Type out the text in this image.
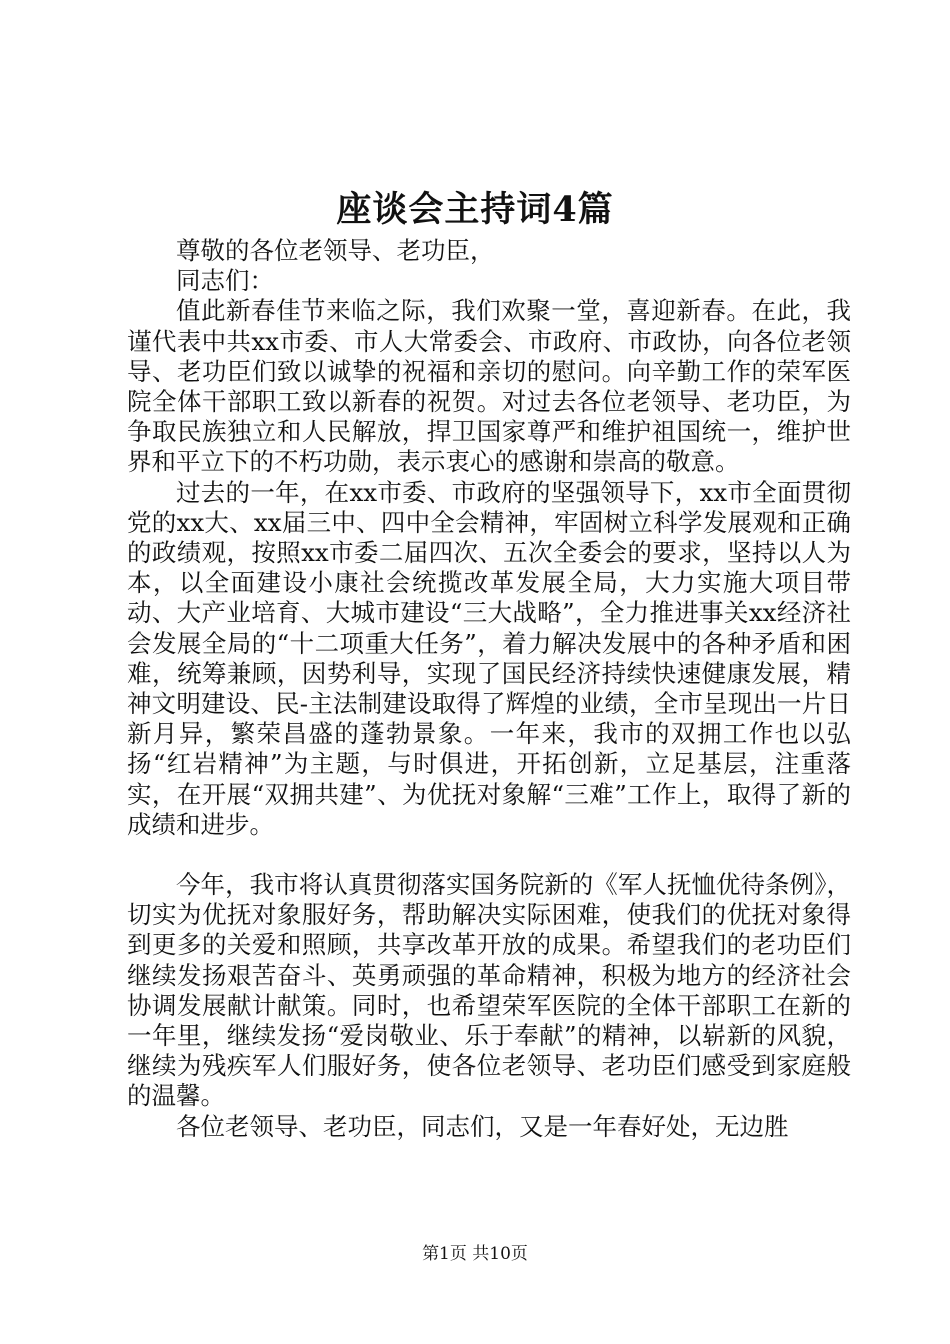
座谈会主持词4篇

尊敬的各位老领导、老功臣，

同志们：

值此新春佳节来临之际，我们欢聚一堂，喜迎新春。在此，我谨代表中共xx市委、市人大常委会、市政府、市政协，向各位老领导、老功臣们致以诚挚的祝福和亲切的慰问。向辛勤工作的荣军医院全体干部职工致以新春的祝贺。对过去各位老领导、老功臣，为争取民族独立和人民解放，捍卫国家尊严和维护祖国统一，维护世界和平立下的不朽功勋，表示衷心的感谢和崇高的敬意。

过去的一年，在xx市委、市政府的坚强领导下，xx市全面贯彻党的xx大、xx届三中、四中全会精神，牢固树立科学发展观和正确的政绩观，按照xx市委二届四次、五次全委会的要求，坚持以人为本，以全面建设小康社会统揽改革发展全局，大力实施大项目带动、大产业培育、大城市建设“三大战略”，全力推进事关xx经济社会发展全局的“十二项重大任务”，着力解决发展中的各种矛盾和困难，统筹兼顾，因势利导，实现了国民经济持续快速健康发展，精神文明建设、民-主法制建设取得了辉煌的业绩，全市呈现出一片日新月异，繁荣昌盛的蓬勃景象。一年来，我市的双拥工作也以弘扬“红岩精神”为主题，与时俱进，开拓创新，立足基层，注重落实，在开展“双拥共建”、为优抚对象解“三难”工作上，取得了新的成绩和进步。

今年，我市将认真贯彻落实国务院新的《军人抚恤优待条例》，切实为优抚对象服好务，帮助解决实际困难，使我们的优抚对象得到更多的关爱和照顾，共享改革开放的成果。希望我们的老功臣们继续发扬艰苦奋斗、英勇顽强的革命精神，积极为地方的经济社会协调发展献计献策。同时，也希望荣军医院的全体干部职工在新的一年里，继续发扬“爱岗敬业、乐于奉献”的精神，以崭新的风貌，继续为残疾军人们服好务，使各位老领导、老功臣们感受到家庭般的温馨。

各位老领导、老功臣，同志们，又是一年春好处，无边胜

第1页 共10页
